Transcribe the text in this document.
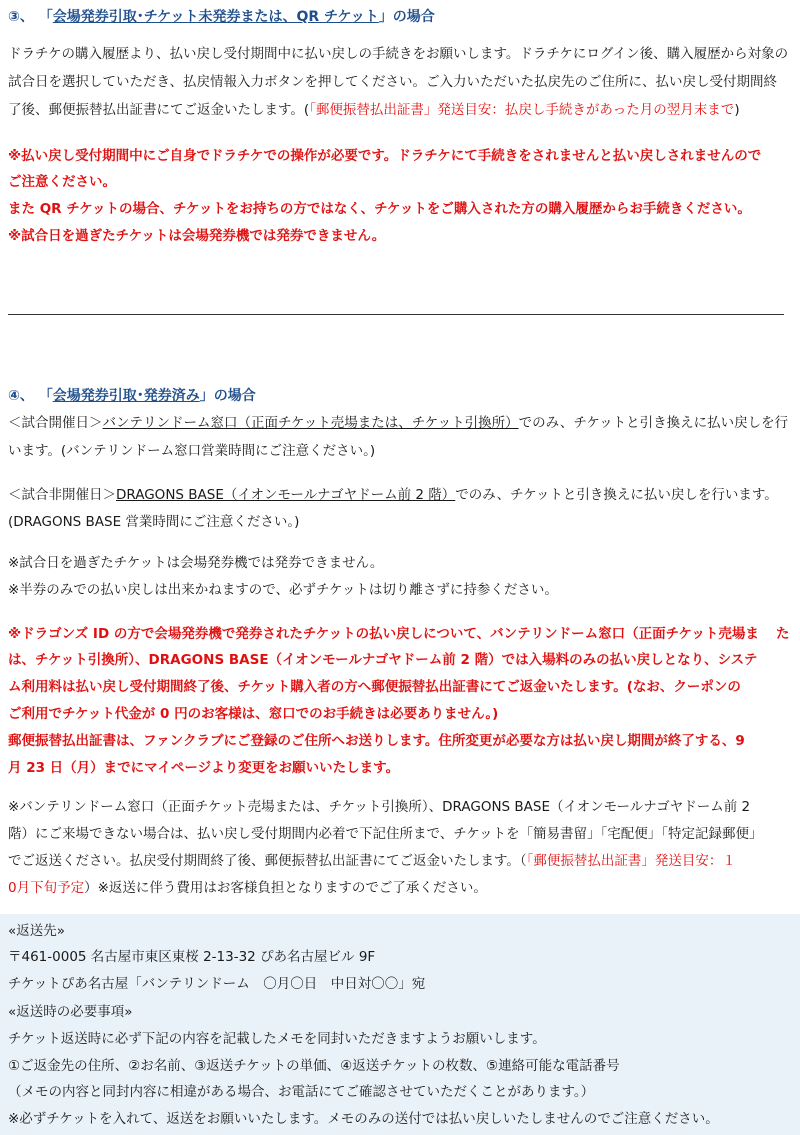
③、 「会場発券引取･チケット未発券または、QR チケット」の場合
ドラチケの購入履歴より、払い戻し受付期間中に払い戻しの手続きをお願いします。ドラチケにログイン後、購入履歴から対象の
試合日を選択していただき、払戻情報入力ボタンを押してください。ご入力いただいた払戻先のご住所に、払い戻し受付期間終
了後、郵便振替払出証書にてご返金いたします。(「郵便振替払出証書」発送目安：払戻し手続きがあった月の翌月末まで)
※払い戻し受付期間中にご自身でドラチケでの操作が必要です。ドラチケにて手続きをされませんと払い戻しされませんので
ご注意ください。
また QR チケットの場合、チケットをお持ちの方ではなく、チケットをご購入された方の購入履歴からお手続きください。
※試合日を過ぎたチケットは会場発券機では発券できません。
④、 「会場発券引取･発券済み」の場合
＜試合開催日＞バンテリンドーム窓口（正面チケット売場または、チケット引換所）でのみ、チケットと引き換えに払い戻しを行
います。(バンテリンドーム窓口営業時間にご注意ください。)
＜試合非開催日＞DRAGONS BASE（イオンモールナゴヤドーム前 2 階）でのみ、チケットと引き換えに払い戻しを行います。
(DRAGONS BASE 営業時間にご注意ください。)
※試合日を過ぎたチケットは会場発券機では発券できません。
※半券のみでの払い戻しは出来かねますので、必ずチケットは切り離さずに持参ください。
※ドラゴンズ ID の方で会場発券機で発券されたチケットの払い戻しについて、バンテリンドーム窓口（正面チケット売場ま た
は、チケット引換所）、DRAGONS BASE（イオンモールナゴヤドーム前 2 階）では入場料のみの払い戻しとなり、システ
ム利用料は払い戻し受付期間終了後、チケット購入者の方へ郵便振替払出証書にてご返金いたします。(なお、クーポンの
ご利用でチケット代金が 0 円のお客様は、窓口でのお手続きは必要ありません。)
郵便振替払出証書は、ファンクラブにご登録のご住所へお送りします。住所変更が必要な方は払い戻し期間が終了する、9
月 23 日（月）までにマイページより変更をお願いいたします。
※バンテリンドーム窓口（正面チケット売場または、チケット引換所）、DRAGONS BASE（イオンモールナゴヤドーム前 2
階）にご来場できない場合は、払い戻し受付期間内必着で下記住所まで、チケットを「簡易書留」「宅配便」「特定記録郵便」
でご返送ください。払戻受付期間終了後、郵便振替払出証書にてご返金いたします。（「郵便振替払出証書」発送目安：１
0月下旬予定）※返送に伴う費用はお客様負担となりますのでご了承ください。
«返送先»
〒461-0005 名古屋市東区東桜 2-13-32 ぴあ名古屋ビル 9F
チケットぴあ名古屋「バンテリンドーム　〇月〇日　中日対〇〇」宛
«返送時の必要事項»
チケット返送時に必ず下記の内容を記載したメモを同封いただきますようお願いします。
①ご返金先の住所、②お名前、③返送チケットの単価、④返送チケットの枚数、⑤連絡可能な電話番号
（メモの内容と同封内容に相違がある場合、お電話にてご確認させていただくことがあります。）
※必ずチケットを入れて、返送をお願いいたします。メモのみの送付では払い戻しいたしませんのでご注意ください。
